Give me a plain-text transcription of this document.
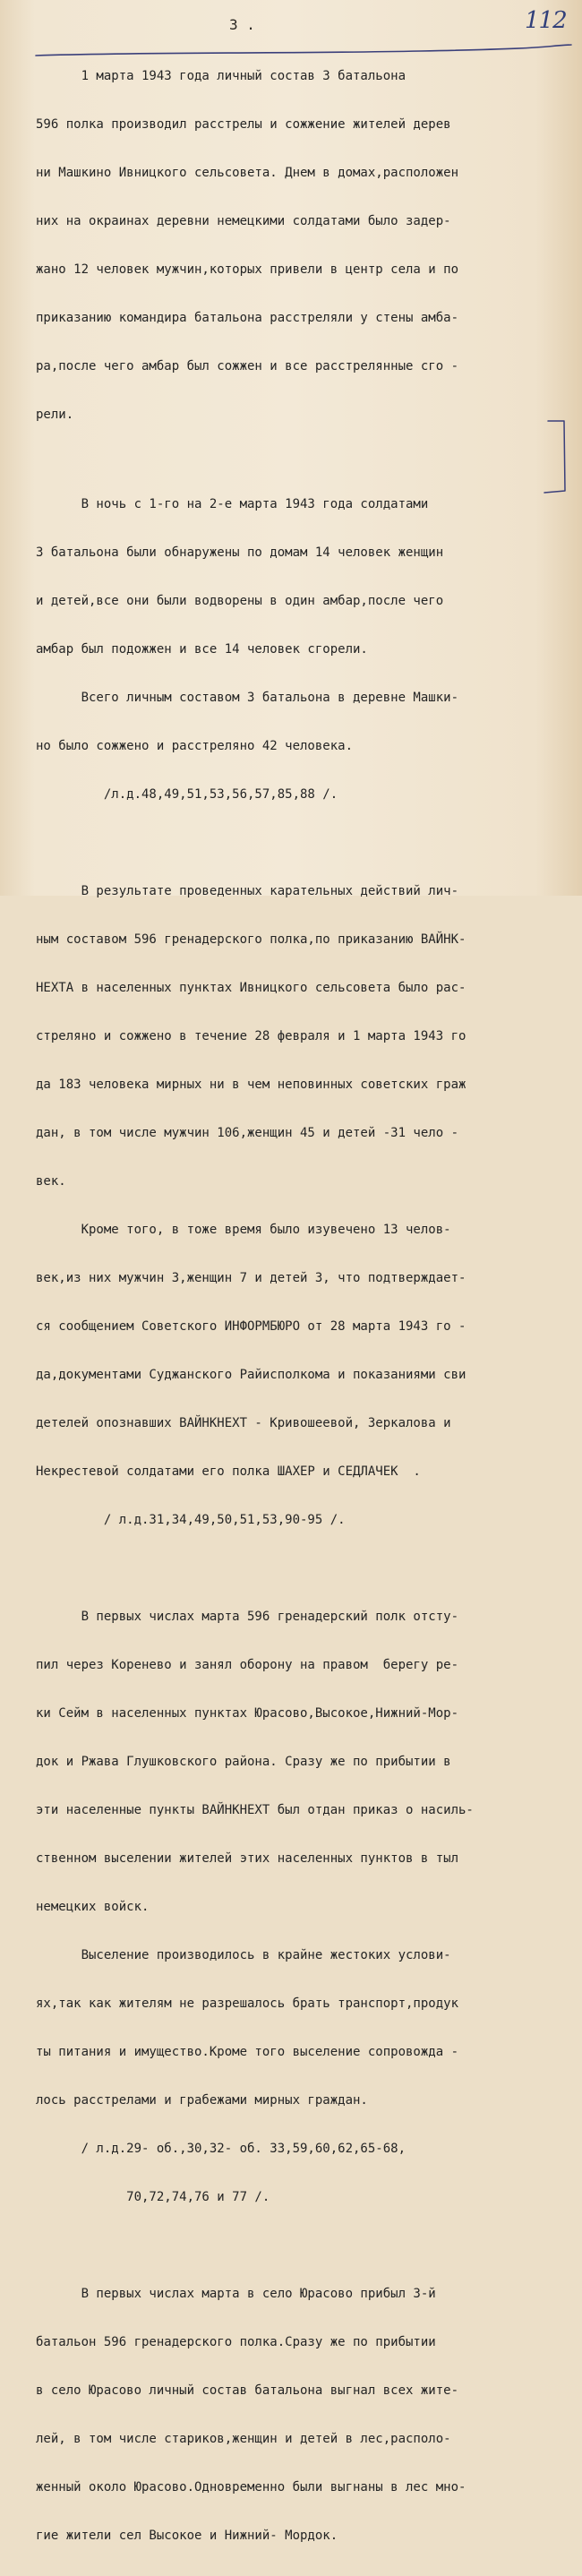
3 .	112

1 марта 1943 года личный состав 3 батальона

596 полка производил расстрелы и сожжение жителей дерев

ни Машкино Ивницкого сельсовета. Днем в домах,расположен

них на окраинах деревни немецкими солдатами было задер-

жано 12 человек мужчин,которых привели в центр села и по

приказанию командира батальона расстреляли у стены амба-

ра,после чего амбар был сожжен и все расстрелянные сго -

рели.

В ночь с 1-го на 2-е марта 1943 года солдатами

3 батальона были обнаружены по домам 14 человек женщин

и детей,все они были водворены в один амбар,после чего

амбар был подожжен и все 14 человек сгорели.

Всего личным составом 3 батальона в деревне Машки-

но было сожжено и расстреляно 42 человека.

/л.д.48,49,51,53,56,57,85,88 /.

В результате проведенных карательных действий лич-

ным составом 596 гренадерского полка,по приказанию ВАЙНК-

НЕХТА в населенных пунктах Ивницкого сельсовета было рас-

стреляно и сожжено в течение 28 февраля и 1 марта 1943 го

да 183 человека мирных ни в чем неповинных советских граж

дан, в том числе мужчин 106,женщин 45 и детей -31 чело -

век.

Кроме того, в тоже время было изувечено 13 челов-

век,из них мужчин 3,женщин 7 и детей 3, что подтверждает-

ся сообщением Советского ИНФОРМБЮРО от 28 марта 1943 го -

да,документами Суджанского Райисполкома и показаниями сви

детелей опознавших ВАЙНКНЕХТ - Кривошеевой, Зеркалова и

Некрестевой солдатами его полка ШАХЕР и СЕДЛАЧЕК  .

/ л.д.31,34,49,50,51,53,90-95 /.

В первых числах марта 596 гренадерский полк отсту-

пил через Коренево и занял оборону на правом  берегу ре-

ки Сейм в населенных пунктах Юрасово,Высокое,Нижний-Мор-

док и Ржава Глушковского района. Сразу же по прибытии в

эти населенные пункты ВАЙНКНЕХТ был отдан приказ о насиль-

ственном выселении жителей этих населенных пунктов в тыл

немецких войск.

Выселение производилось в крайне жестоких услови-

ях,так как жителям не разрешалось брать транспорт,продук

ты питания и имущество.Кроме того выселение сопровожда -

лось расстрелами и грабежами мирных граждан.

/ л.д.29- об.,30,32- об. 33,59,60,62,65-68,

70,72,74,76 и 77 /.

В первых числах марта в село Юрасово прибыл 3-й

батальон 596 грeнадерского полка.Сразу же по прибытии

в село Юрасово личный состав батальона выгнал всех жите-

лей, в том числе стариков,женщин и детей в лес,располо-

женный около Юрасово.Одновременно были выгнаны в лес мно-

гие жители сел Высокое и Нижний- Мордок.
